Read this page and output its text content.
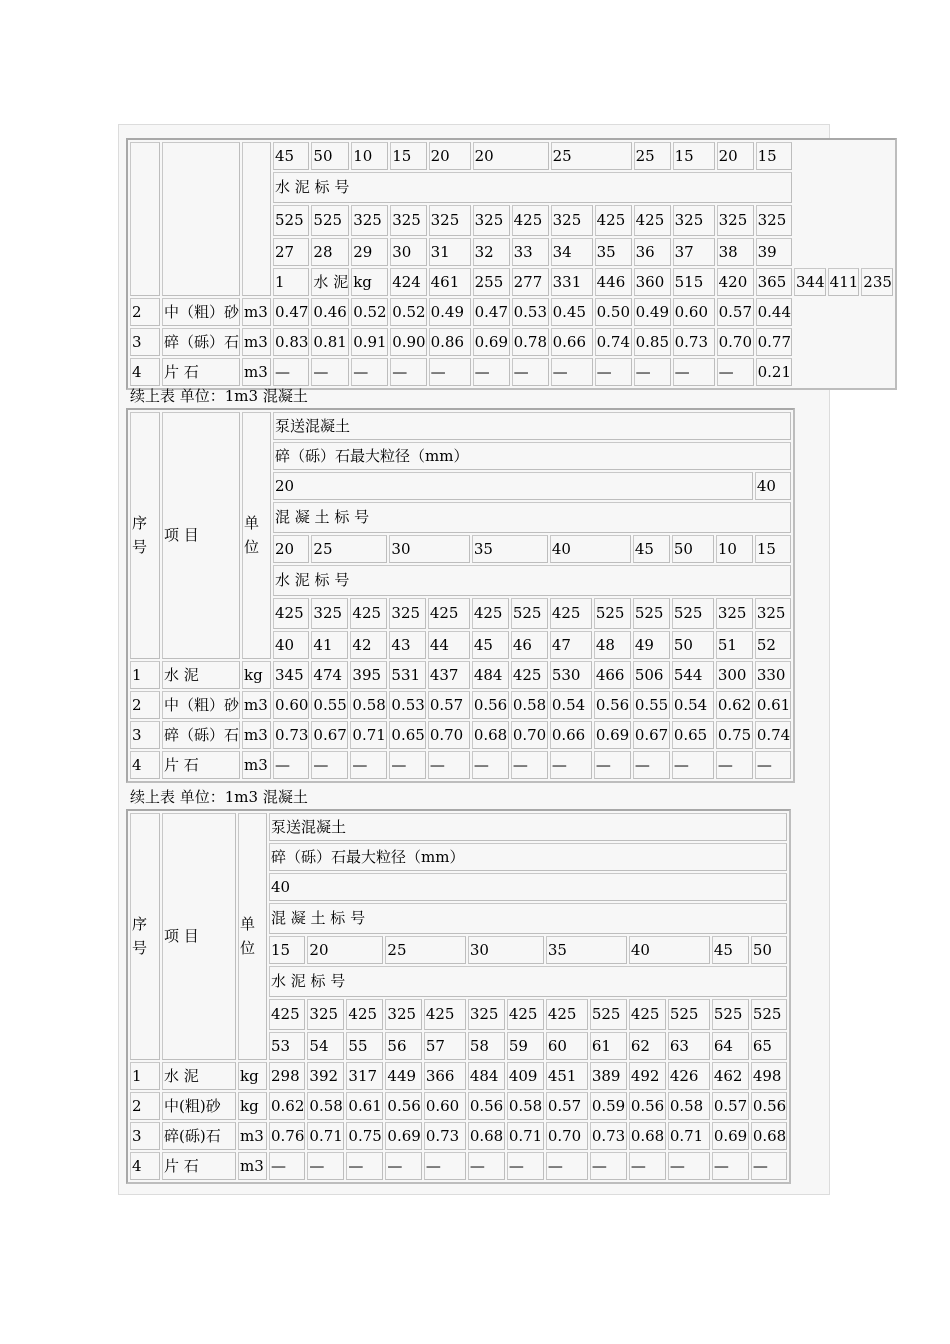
			45	50	10	15	20	20		25		25	15	20	15			
			水 泥 标 号															
			525	525	325	325	325	325	425	325	425	425	325	325	325			
			27	28	29	30	31	32	33	34	35	36	37	38	39			
			1	水 泥	kg	424	461	255	277	331	446	360	515	420	365	344	411	235
2	中（粗）砂	m3	0.47	0.46	0.52	0.52	0.49	0.47	0.53	0.45	0.50	0.49	0.60	0.57	0.44			
3	碎（砾）石	m3	0.83	0.81	0.91	0.90	0.86	0.69	0.78	0.66	0.74	0.85	0.73	0.70	0.77			
4	片 石	m3	—	—	—	—	—	—	—	—	—	—	—	—	0.21			
续上表 单位：1m3 混凝土
序号	项 目	单位	泵送混凝土												
			碎（砾）石最大粒径（mm）												
			20												40
			混 凝 土 标 号												
			20	25		30		35		40		45	50	10	15
			水 泥 标 号												
			425	325	425	325	425	425	525	425	525	525	525	325	325
			40	41	42	43	44	45	46	47	48	49	50	51	52
1	水 泥	kg	345	474	395	531	437	484	425	530	466	506	544	300	330
2	中（粗）砂	m3	0.60	0.55	0.58	0.53	0.57	0.56	0.58	0.54	0.56	0.55	0.54	0.62	0.61
3	碎（砾）石	m3	0.73	0.67	0.71	0.65	0.70	0.68	0.70	0.66	0.69	0.67	0.65	0.75	0.74
4	片 石	m3	—	—	—	—	—	—	—	—	—	—	—	—	—
续上表 单位：1m3 混凝土
序号	项 目	单位	泵送混凝土												
			碎（砾）石最大粒径（mm）												
			40												
			混 凝 土 标 号												
			15	20		25		30		35		40		45	50
			水 泥 标 号												
			425	325	425	325	425	325	425	425	525	425	525	525	525
			53	54	55	56	57	58	59	60	61	62	63	64	65
1	水 泥	kg	298	392	317	449	366	484	409	451	389	492	426	462	498
2	中(粗)砂	kg	0.62	0.58	0.61	0.56	0.60	0.56	0.58	0.57	0.59	0.56	0.58	0.57	0.56
3	碎(砾)石	m3	0.76	0.71	0.75	0.69	0.73	0.68	0.71	0.70	0.73	0.68	0.71	0.69	0.68
4	片 石	m3	—	—	—	—	—	—	—	—	—	—	—	—	—
